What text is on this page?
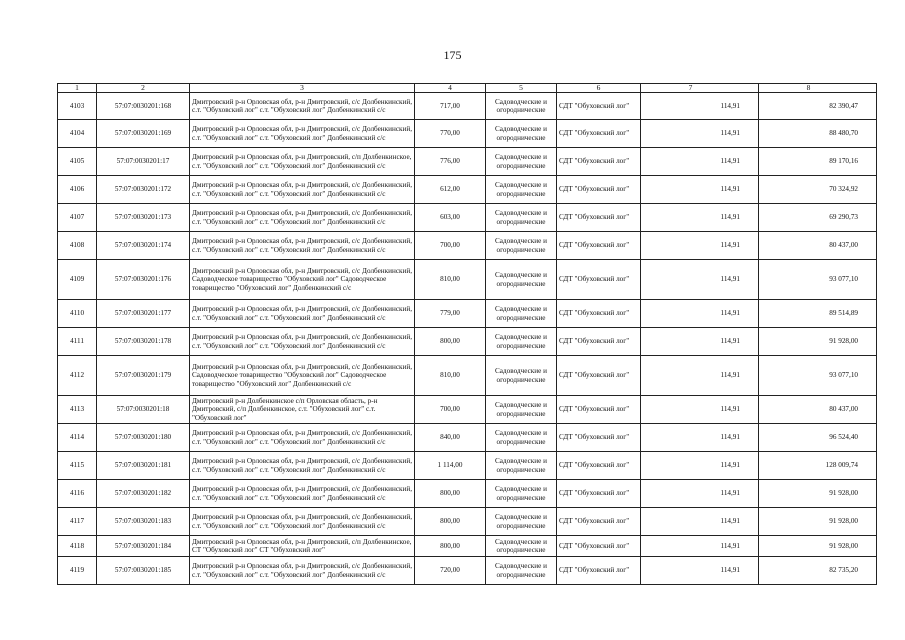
175
1	2	3	4	5	6	7	8
4103	57:07:0030201:168	Дмитровский р-н Орловская обл, р-н Дмитровский, с/с Долбенкинский, с.т. "Обуховский лог" с.т. "Обуховский лог" Долбенкинский с/с	717,00	Садоводческие и огороднические	СДТ "Обуховский лог"	114,91	82 390,47
4104	57:07:0030201:169	Дмитровский р-н Орловская обл, р-н Дмитровский, с/с Долбенкинский, с.т. "Обуховский лог" с.т. "Обуховский лог" Долбенкинский с/с	770,00	Садоводческие и огороднические	СДТ "Обуховский лог"	114,91	88 480,70
4105	57:07:0030201:17	Дмитровский р-н Орловская обл, р-н Дмитровский, с/п Долбенкинское, с.т. "Обуховский лог" с.т. "Обуховский лог" Долбенкинский с/с	776,00	Садоводческие и огороднические	СДТ "Обуховский лог"	114,91	89 170,16
4106	57:07:0030201:172	Дмитровский р-н Орловская обл, р-н Дмитровский, с/с Долбенкинский, с.т. "Обуховский лог" с.т. "Обуховский лог" Долбенкинский с/с	612,00	Садоводческие и огороднические	СДТ "Обуховский лог"	114,91	70 324,92
4107	57:07:0030201:173	Дмитровский р-н Орловская обл, р-н Дмитровский, с/с Долбенкинский, с.т. "Обуховский лог" с.т. "Обуховский лог" Долбенкинский с/с	603,00	Садоводческие и огороднические	СДТ "Обуховский лог"	114,91	69 290,73
4108	57:07:0030201:174	Дмитровский р-н Орловская обл, р-н Дмитровский, с/с Долбенкинский, с.т. "Обуховский лог" с.т. "Обуховский лог" Долбенкинский с/с	700,00	Садоводческие и огороднические	СДТ "Обуховский лог"	114,91	80 437,00
4109	57:07:0030201:176	Дмитровский р-н Орловская обл, р-н Дмитровский, с/с Долбенкинский, Садоводческое товарищество "Обуховский лог" Садоводческое товарищество "Обуховский лог" Долбенкинский с/с	810,00	Садоводческие и огороднические	СДТ "Обуховский лог"	114,91	93 077,10
4110	57:07:0030201:177	Дмитровский р-н Орловская обл, р-н Дмитровский, с/с Долбенкинский, с.т. "Обуховский лог" с.т. "Обуховский лог" Долбенкинский с/с	779,00	Садоводческие и огороднические	СДТ "Обуховский лог"	114,91	89 514,89
4111	57:07:0030201:178	Дмитровский р-н Орловская обл, р-н Дмитровский, с/с Долбенкинский, с.т. "Обуховский лог" с.т. "Обуховский лог" Долбенкинский с/с	800,00	Садоводческие и огороднические	СДТ "Обуховский лог"	114,91	91 928,00
4112	57:07:0030201:179	Дмитровский р-н Орловская обл, р-н Дмитровский, с/с Долбенкинский, Садоводческое товарищество "Обуховский лог" Садоводческое товарищество "Обуховский лог" Долбенкинский с/с	810,00	Садоводческие и огороднические	СДТ "Обуховский лог"	114,91	93 077,10
4113	57:07:0030201:18	Дмитровский р-н Долбенкинское с/п Орловская область, р-н Дмитровский, с/п Долбенкинское, с.т. "Обуховский лог" с.т. "Обуховский лог"	700,00	Садоводческие и огороднические	СДТ "Обуховский лог"	114,91	80 437,00
4114	57:07:0030201:180	Дмитровский р-н Орловская обл, р-н Дмитровский, с/с Долбенкинский, с.т. "Обуховский лог" с.т. "Обуховский лог" Долбенкинский с/с	840,00	Садоводческие и огороднические	СДТ "Обуховский лог"	114,91	96 524,40
4115	57:07:0030201:181	Дмитровский р-н Орловская обл, р-н Дмитровский, с/с Долбенкинский, с.т. "Обуховский лог" с.т. "Обуховский лог" Долбенкинский с/с	1 114,00	Садоводческие и огороднические	СДТ "Обуховский лог"	114,91	128 009,74
4116	57:07:0030201:182	Дмитровский р-н Орловская обл, р-н Дмитровский, с/с Долбенкинский, с.т. "Обуховский лог" с.т. "Обуховский лог" Долбенкинский с/с	800,00	Садоводческие и огороднические	СДТ "Обуховский лог"	114,91	91 928,00
4117	57:07:0030201:183	Дмитровский р-н Орловская обл, р-н Дмитровский, с/с Долбенкинский, с.т. "Обуховский лог" с.т. "Обуховский лог" Долбенкинский с/с	800,00	Садоводческие и огороднические	СДТ "Обуховский лог"	114,91	91 928,00
4118	57:07:0030201:184	Дмитровский р-н Орловская обл, р-н Дмитровский, с/п Долбенкинское, СТ "Обуховский лог" СТ "Обуховский лог"	800,00	Садоводческие и огороднические	СДТ "Обуховский лог"	114,91	91 928,00
4119	57:07:0030201:185	Дмитровский р-н Орловская обл, р-н Дмитровский, с/с Долбенкинский, с.т. "Обуховский лог" с.т. "Обуховский лог" Долбенкинский с/с	720,00	Садоводческие и огороднические	СДТ "Обуховский лог"	114,91	82 735,20
